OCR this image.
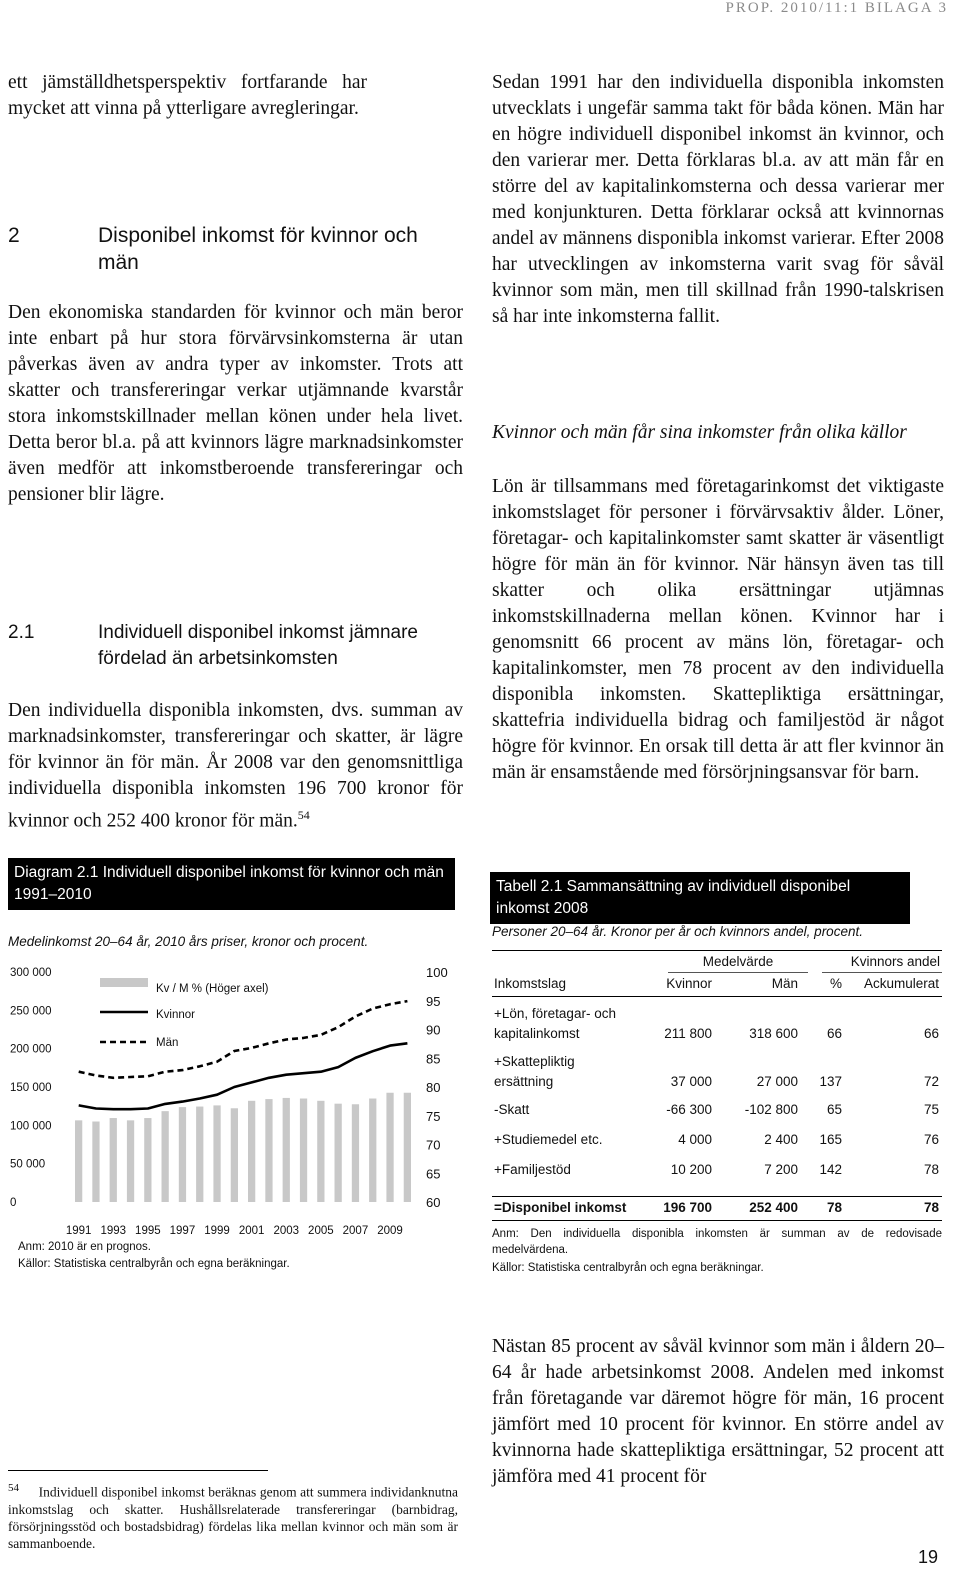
PROP. 2010/11:1 BILAGA 3
ett   jämställdhetsperspektiv   fortfarande   har
mycket att vinna på ytterligare avregleringar.
2	Disponibel inkomst för kvinnor och män

Den ekonomiska standarden för kvinnor och män beror inte enbart på hur stora förvärvsinkomsterna är utan påverkas även av andra typer av inkomster. Trots att skatter och transfereringar verkar utjämnande kvarstår stora inkomstskillnader mellan könen under hela livet. Detta beror bl.a. på att kvinnors lägre marknadsinkomster även medför att inkomstberoende transfereringar och pensioner blir lägre.

2.1	Individuell disponibel inkomst jämnare fördelad än arbetsinkomsten

Den individuella disponibla inkomsten, dvs. summan av marknadsinkomster, transfereringar och skatter, är lägre för kvinnor än för män. År 2008 var den genomsnittliga individuella disponibla inkomsten 196 700 kronor för kvinnor och 252 400 kronor för män.$^{54}$

Diagram 2.1 Individuell disponibel inkomst för kvinnor och män 1991–2010
Medelinkomst 20–64 år, 2010 års priser, kronor och procent.
300 000
250 000
200 000
150 000
100 000
50 000
0
100
95
90
85
80
75
70
65
60
1991 1993 1995 1997 1999 2001 2003 2005 2007 2009
Kv / M % (Höger axel)
Kvinnor
Män
Anm: 2010 är en prognos.
Källor: Statistiska centralbyrån och egna beräkningar.
$^{54}$ Individuell disponibel inkomst beräknas genom att summera individanknutna inkomstslag och skatter. Hushållsrelaterade transfereringar (barnbidrag, försörjningsstöd och bostadsbidrag) fördelas lika mellan kvinnor och män som är sammanboende.

Sedan 1991 har den individuella disponibla inkomsten utvecklats i ungefär samma takt för båda könen. Män har en högre individuell disponibel inkomst än kvinnor, och den varierar mer. Detta förklaras bl.a. av att män får en större del av kapitalinkomsterna och dessa varierar mer med konjunkturen. Detta förklarar också att kvinnornas andel av männens disponibla inkomst varierar. Efter 2008 har utvecklingen av inkomsterna varit svag för såväl kvinnor som män, men till skillnad från 1990-talskrisen så har inte inkomsterna fallit.

Kvinnor och män får sina inkomster från olika källor

Lön är tillsammans med företagarinkomst det viktigaste inkomstslaget för personer i förvärvsaktiv ålder. Löner, företagar- och kapitalinkomster samt skatter är väsentligt högre för män än för kvinnor. När hänsyn även tas till skatter och olika ersättningar utjämnas inkomstskillnaderna mellan könen. Kvinnor har i genomsnitt 66 procent av mäns lön, företagar- och kapitalinkomster, men 78 procent av den individuella disponibla inkomsten. Skattepliktiga ersättningar, skattefria individuella bidrag och familjestöd är något högre för kvinnor. En orsak till detta är att fler kvinnor än män är ensamstående med försörjningsansvar för barn.

Tabell 2.1 Sammansättning av individuell disponibel inkomst 2008
Personer 20–64 år. Kronor per år och kvinnors andel, procent.
Medelvärde	Kvinnors andel
Inkomstslag	Kvinnor	Män	%	Ackumulerat
+Lön, företagar- och
kapitalinkomst	211 800	318 600	66	66
+Skattepliktig
ersättning	37 000	27 000	137	72
-Skatt	-66 300	-102 800	65	75
+Studiemedel etc.	4 000	2 400	165	76
+Familjestöd	10 200	7 200	142	78
=Disponibel inkomst	196 700	252 400	78	78
Anm: Den individuella disponibla inkomsten är summan av de redovisade medelvärdena.
Källor: Statistiska centralbyrån och egna beräkningar.

Nästan 85 procent av såväl kvinnor som män i åldern 20–64 år hade arbetsinkomst 2008. Andelen med inkomst från företagande var däremot högre för män, 16 procent jämfört med 10 procent för kvinnor. En större andel av kvinnorna hade skattepliktiga ersättningar, 52 procent att jämföra med 41 procent för

19
